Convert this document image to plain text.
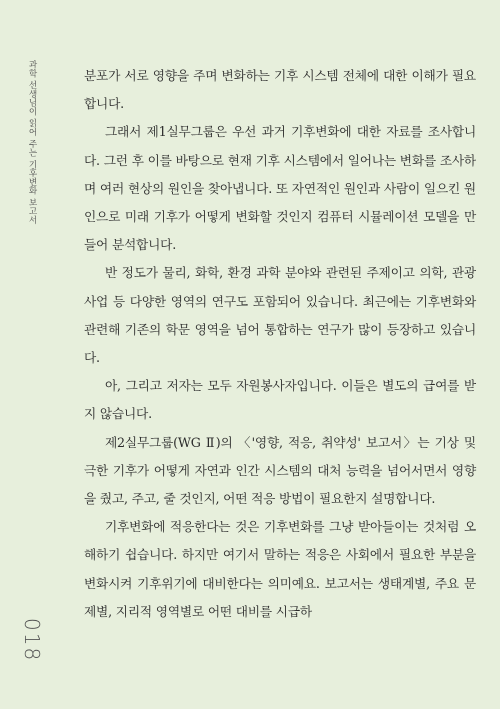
과학 선생님이 읽어 주는 기후변화 보고서
018

분포가 서로 영향을 주며 변화하는 기후 시스템 전체에 대한 이해가 필요합니다.

그래서 제1실무그룹은 우선 과거 기후변화에 대한 자료를 조사합니다. 그런 후 이를 바탕으로 현재 기후 시스템에서 일어나는 변화를 조사하며 여러 현상의 원인을 찾아냅니다. 또 자연적인 원인과 사람이 일으킨 원인으로 미래 기후가 어떻게 변화할 것인지 컴퓨터 시뮬레이션 모델을 만들어 분석합니다.

반 정도가 물리, 화학, 환경 과학 분야와 관련된 주제이고 의학, 관광 사업 등 다양한 영역의 연구도 포함되어 있습니다. 최근에는 기후변화와 관련해 기존의 학문 영역을 넘어 통합하는 연구가 많이 등장하고 있습니다.

아, 그리고 저자는 모두 자원봉사자입니다. 이들은 별도의 급여를 받지 않습니다.

제2실무그룹(WG Ⅱ)의 〈'영향, 적응, 취약성' 보고서〉는 기상 및 극한 기후가 어떻게 자연과 인간 시스템의 대처 능력을 넘어서면서 영향을 줬고, 주고, 줄 것인지, 어떤 적응 방법이 필요한지 설명합니다.

기후변화에 적응한다는 것은 기후변화를 그냥 받아들이는 것처럼 오해하기 쉽습니다. 하지만 여기서 말하는 적응은 사회에서 필요한 부분을 변화시켜 기후위기에 대비한다는 의미예요. 보고서는 생태계별, 주요 문제별, 지리적 영역별로 어떤 대비를 시급하
